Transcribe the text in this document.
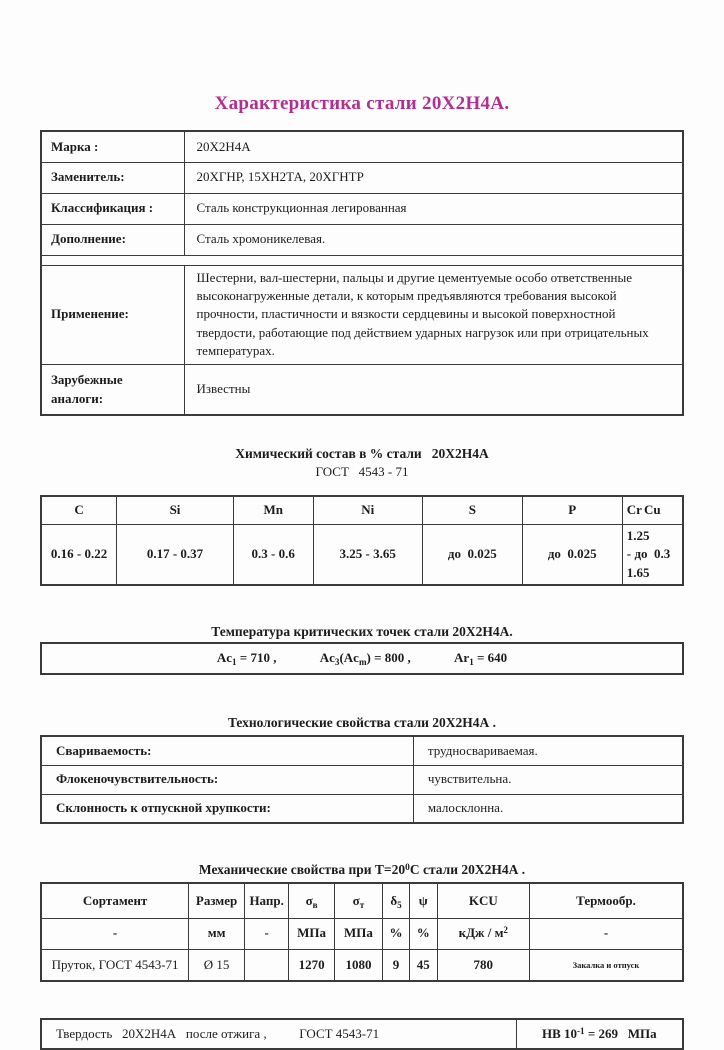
Характеристика стали 20Х2Н4А.
Марка :	20Х2Н4А
Заменитель:	20ХГНР, 15ХН2ТА, 20ХГНТР
Классификация :	Сталь конструкционная легированная
Дополнение:	Сталь хромоникелевая.

Применение:	Шестерни, вал-шестерни, пальцы и другие цементуемые особо ответственные высоконагруженные детали, к которым предъявляются требования высокой прочности, пластичности и вязкости сердцевины и высокой поверхностной твердости, работающие под действием ударных нагрузок или при отрицательных температурах.
Зарубежные аналоги:	Известны
Химический состав в % стали   20Х2Н4А
ГОСТ   4543 - 71
C	Si	Mn	Ni	S	P	Cr	Cu
0.16 - 0.22	0.17 - 0.37	0.3 - 0.6	3.25 - 3.65	до  0.025	до  0.025	1.25 - 1.65	до  0.3
Температура критических точек стали 20Х2Н4А.
$Ac_1 = 710$ ,	$Ac_3(Ac_m) = 800$ ,	$Ar_1 = 640$
Технологические свойства стали 20Х2Н4А .
Свариваемость:	трудносвариваемая.
Флокеночувствительность:	чувствительна.
Склонность к отпускной хрупкости:	малосклонна.
Механические свойства при $Т=20^0С$ стали 20Х2Н4А .
Сортамент	Размер	Напр.	$\sigma_в$	$\sigma_т$	$\delta_5$	ψ	KCU	Термообр.
-	мм	-	МПа	МПа	%	%	кДж / $м^2$	-
Пруток, ГОСТ 4543-71	Ø 15		1270	1080	9	45	780	Закалка и отпуск
Твердость   20Х2Н4А   после отжига ,          ГОСТ 4543-71	НВ $10^{-1} = 269$   МПа
